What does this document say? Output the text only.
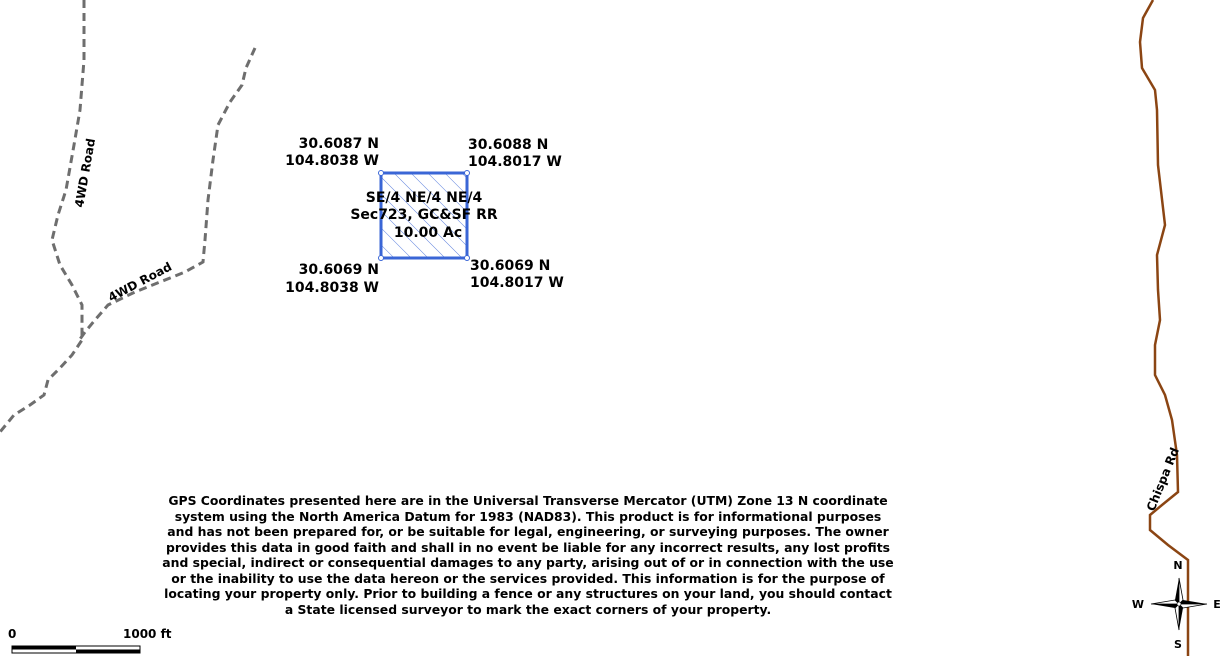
4WD Road
4WD Road
Chispa Rd
SE/4 NE/4 NE/4
Sec723, GC&SF RR
10.00 Ac
30.6087 N
104.8038 W
30.6088 N
104.8017 W
30.6069 N
104.8038 W
30.6069 N
104.8017 W
N
S
E
W

GPS Coordinates presented here are in the Universal Transverse Mercator (UTM) Zone 13 N coordinate system using the North America Datum for 1983 (NAD83). This product is for informational purposes and has not been prepared for, or be suitable for legal, engineering, or surveying purposes. The owner provides this data in good faith and shall in no event be liable for any incorrect results, any lost profits and special, indirect or consequential damages to any party, arising out of or in connection with the use or the inability to use the data hereon or the services provided. This information is for the purpose of locating your property only. Prior to building a fence or any structures on your land, you should contact a State licensed surveyor to mark the exact corners of your property.

0	1000 ft
